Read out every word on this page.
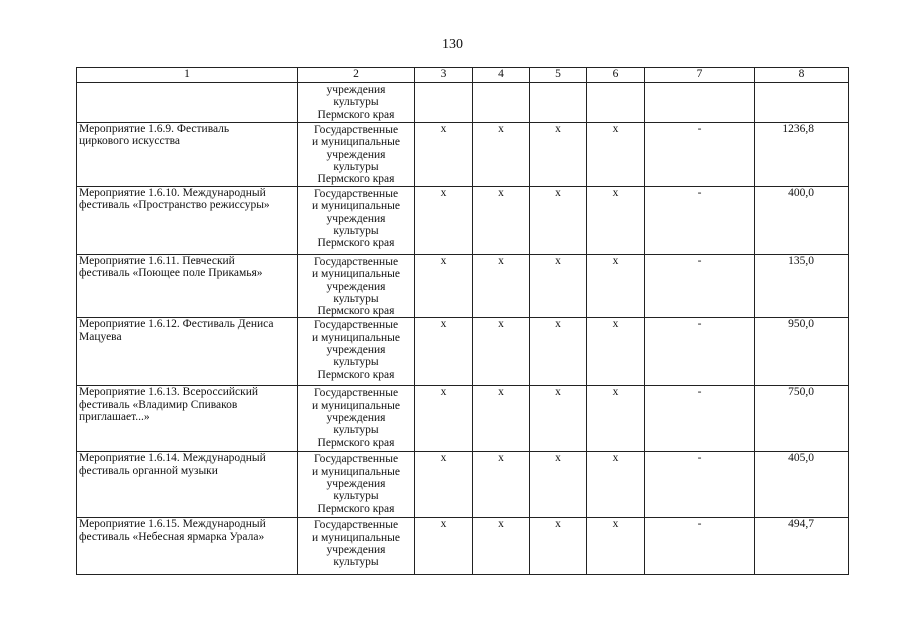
130
1	2	3	4	5	6	7	8
	учреждения
культуры
Пермского края						
Мероприятие 1.6.9. Фестиваль
циркового искусства	Государственные
и муниципальные
учреждения
культуры
Пермского края	х	х	х	х	-	1236,8
Мероприятие 1.6.10. Международный
фестиваль «Пространство режиссуры»	Государственные
и муниципальные
учреждения
культуры
Пермского края	х	х	х	х	-	400,0
Мероприятие 1.6.11. Певческий
фестиваль «Поющее поле Прикамья»	Государственные
и муниципальные
учреждения
культуры
Пермского края	х	х	х	х	-	135,0
Мероприятие 1.6.12. Фестиваль Дениса
Мацуева	Государственные
и муниципальные
учреждения
культуры
Пермского края	х	х	х	х	-	950,0
Мероприятие 1.6.13. Всероссийский
фестиваль «Владимир Спиваков
приглашает...»	Государственные
и муниципальные
учреждения
культуры
Пермского края	х	х	х	х	-	750,0
Мероприятие 1.6.14. Международный
фестиваль органной музыки	Государственные
и муниципальные
учреждения
культуры
Пермского края	х	х	х	х	-	405,0
Мероприятие 1.6.15. Международный
фестиваль «Небесная ярмарка Урала»	Государственные
и муниципальные
учреждения
культуры	х	х	х	х	-	494,7
